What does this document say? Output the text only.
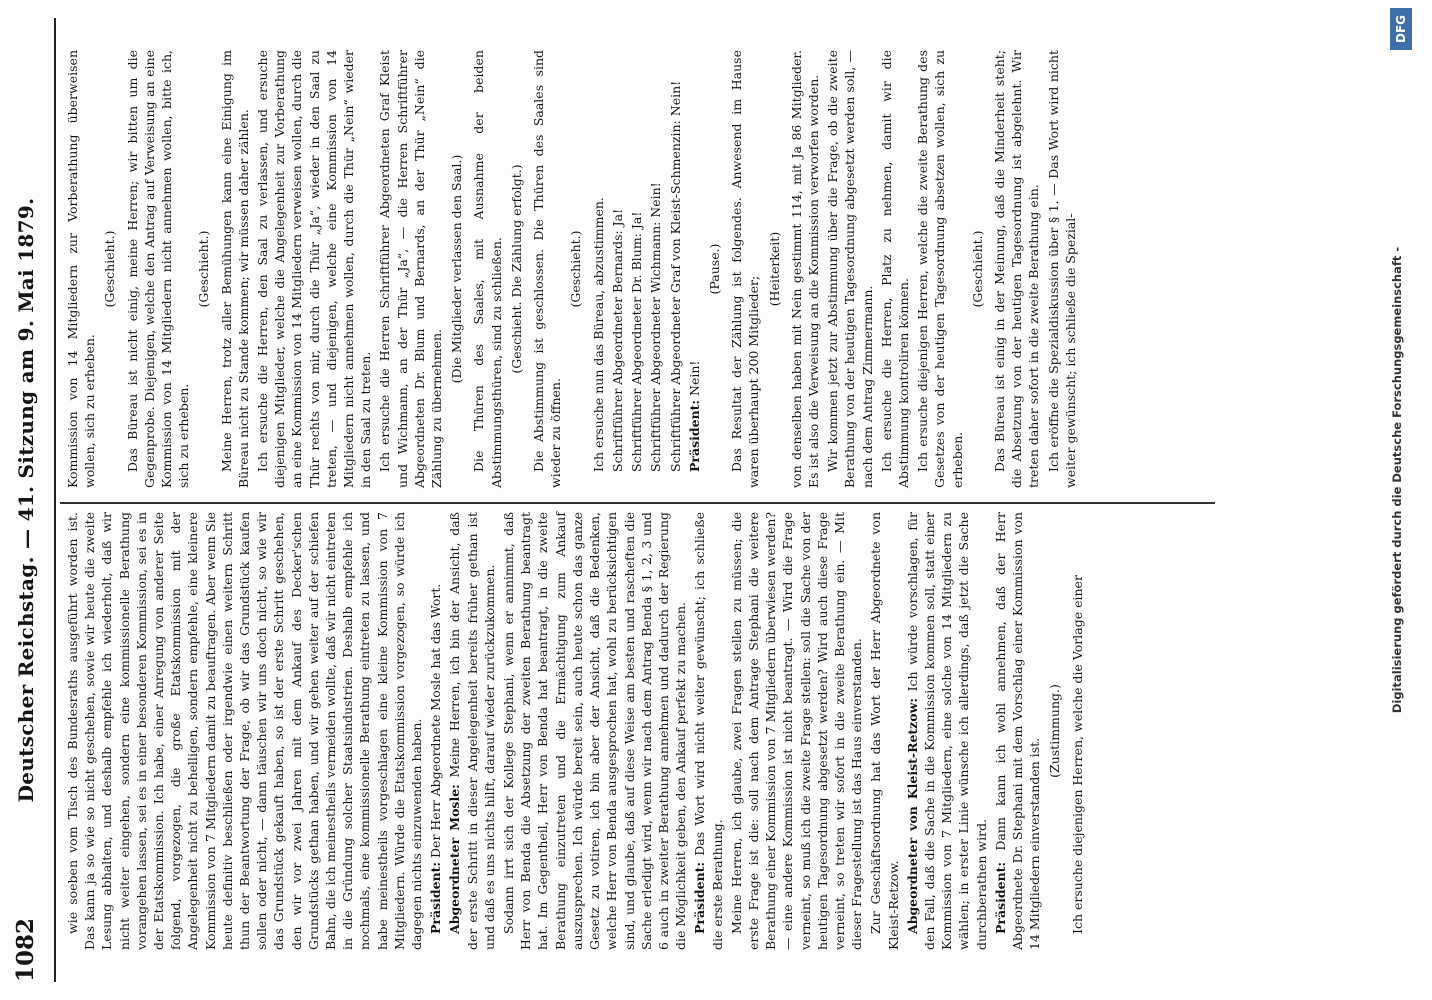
1082
Deutscher Reichstag. — 41. Sitzung am 9. Mai 1879. wie soeben vom Tisch des Bundesraths ausgeführt worden ist. Das kann ja so wie so nicht geschehen, sowie wir heute die zweite Lesung abhalten, und deshalb empfehle ich wiederholt, daß wir nicht weiter eingehen, sondern eine kommissionelle Berathung vorangehen lassen, sei es in einer besonderen Kommission, sei es in der Etatskommission. Ich habe, einer Anregung von anderer Seite folgend, vorgezogen, die große Etatskommission mit der Angelegenheit nicht zu behelligen, sondern empfehle, eine kleinere Kommission von 7 Mitgliedern damit zu beauftragen. Aber wenn Sie heute definitiv beschließen oder irgendwie einen weitern Schritt thun der Beantwortung der Frage, ob wir das Grundstück kaufen sollen oder nicht, — dann täuschen wir uns doch nicht, so wie wir das Grundstück gekauft haben, so ist der erste Schritt geschehen, den wir vor zwei Jahren mit dem Ankauf des Decker'schen Grundstücks gethan haben, und wir gehen weiter auf der schiefen Bahn, die ich meinestheils vermeiden wollte, daß wir nicht eintreten in die Gründung solcher Staatsindustrien. Deshalb empfehle ich nochmals, eine kommissionelle Berathung eintreten zu lassen, und habe meinestheils vorgeschlagen eine kleine Kommission von 7 Mitgliedern. Würde die Etatskommission vorgezogen, so würde ich dagegen nichts einzuwenden haben. Präsident: Der Herr Abgeordnete Mosle hat das Wort.

Abgeordneter Mosle: Meine Herren, ich bin der Ansicht, daß der erste Schritt in dieser Angelegenheit bereits früher gethan ist und daß es uns nichts hilft, darauf wieder zurückzukommen. Sodann irrt sich der Kollege Stephani, wenn er annimmt, daß Herr von Benda die Absetzung der zweiten Berathung beantragt hat. Im Gegentheil, Herr von Benda hat beantragt, in die zweite Berathung einzutreten und die Ermächtigung zum Ankauf auszusprechen. Ich würde bereit sein, auch heute schon das ganze Gesetz zu votiren, ich bin aber der Ansicht, daß die Bedenken, welche Herr von Benda ausgesprochen hat, wohl zu berücksichtigen sind, und glaube, daß auf diese Weise am besten und rascheften die Sache erledigt wird, wenn wir nach dem Antrag Benda § 1, 2, 3 und 6 auch in zweiter Berathung annehmen und dadurch der Regierung die Möglichkeit geben, den Ankauf perfekt zu machen. Präsident: Das Wort wird nicht weiter gewünscht; ich schließe die erste Berathung. Meine Herren, ich glaube, zwei Fragen stellen zu müssen; die erste Frage ist die: soll nach dem Antrage Stephani die weitere Berathung einer Kommission von 7 Mitgliedern überwiesen werden? — eine andere Kommission ist nicht beantragt. — Wird die Frage verneint, so muß ich die zweite Frage stellen: soll die Sache von der heutigen Tagesordnung abgesetzt werden? Wird auch diese Frage verneint, so treten wir sofort in die zweite Berathung ein. — Mit dieser Fragestellung ist das Haus einverstanden. Zur Geschäftsordnung hat das Wort der Herr Abgeordnete von Kleist-Retzow. Abgeordneter von Kleist-Retzow: Ich würde vorschlagen, für den Fall, daß die Sache in die Kommission kommen soll, statt einer Kommission von 7 Mitgliedern, eine solche von 14 Mitgliedern zu wählen; in erster Linie wünsche ich allerdings, daß jetzt die Sache durchberathen wird. Präsident: Dann kann ich wohl annehmen, daß der Herr Abgeordnete Dr. Stephani mit dem Vorschlag einer Kommission von 14 Mitgliedern einverstanden ist.

(Zustimmung.) Ich ersuche diejenigen Herren, welche die Vorlage einer

Kommission von 14 Mitgliedern zur Vorberathung überweisen wollen, sich zu erheben.

(Geschieht.) Das Büreau ist nicht einig, meine Herren; wir bitten um die Gegenprobe. Diejenigen, welche den Antrag auf Verweisung an eine Kommission von 14 Mitgliedern nicht annehmen wollen, bitte ich, sich zu erheben.

(Geschieht.) Meine Herren, trotz aller Bemühungen kann eine Einigung im Büreau nicht zu Stande kommen; wir müssen daher zählen. Ich ersuche die Herren, den Saal zu verlassen, und ersuche diejenigen Mitglieder, welche die Angelegenheit zur Vorberathung an eine Kommission von 14 Mitgliedern verweisen wollen, durch die Thür rechts von mir, durch die Thür „Ja“, wieder in den Saal zu treten, — und diejenigen, welche eine Kommission von 14 Mitgliedern nicht annehmen wollen, durch die Thür „Nein“ wieder in den Saal zu treten. Ich ersuche die Herren Schriftführer Abgeordneten Graf Kleist und Wichmann, an der Thür „Ja“, — die Herren Schriftführer Abgeordneten Dr. Blum und Bernards, an der Thür „Nein“ die Zählung zu übernehmen.

(Die Mitglieder verlassen den Saal.) Die Thüren des Saales, mit Ausnahme der beiden Abstimmungsthüren, sind zu schließen. (Geschieht. Die Zählung erfolgt.) Die Abstimmung ist geschlossen. Die Thüren des Saales sind wieder zu öffnen.

(Geschieht.) Ich ersuche nun das Büreau, abzustimmen. Schriftführer Abgeordneter Bernards: Ja! Schriftführer Abgeordneter Dr. Blum: Ja! Schriftführer Abgeordneter Wichmann: Nein! Schriftführer Abgeordneter Graf von Kleist-Schmenzin: Nein! Präsident: Nein!

(Pause.) Das Resultat der Zählung ist folgendes. Anwesend im Hause waren überhaupt 200 Mitglieder;

(Heiterkeit) von denselben haben mit Nein gestimmt 114, mit Ja 86 Mitglieder. Es ist also die Verweisung an die Kommission verworfen worden. Wir kommen jetzt zur Abstimmung über die Frage, ob die zweite Berathung von der heutigen Tagesordnung abgesetzt werden soll, — nach dem Antrag Zimmermann. Ich ersuche die Herren, Platz zu nehmen, damit wir die Abstimmung kontroliren können. Ich ersuche diejenigen Herren, welche die zweite Berathung des Gesetzes von der heutigen Tagesordnung absetzen wollen, sich zu erheben.

(Geschieht.) Das Büreau ist einig in der Meinung, daß die Minderheit steht; die Absetzung von der heutigen Tagesordnung ist abgelehnt. Wir treten daher sofort in die zweite Berathung ein. Ich eröffne die Spezialdiskussion über § 1. — Das Wort wird nicht weiter gewünscht; ich schließe die Spezial-	Digitalisierung gefördert durch die Deutsche Forschungsgemeinschaft -
DFG
